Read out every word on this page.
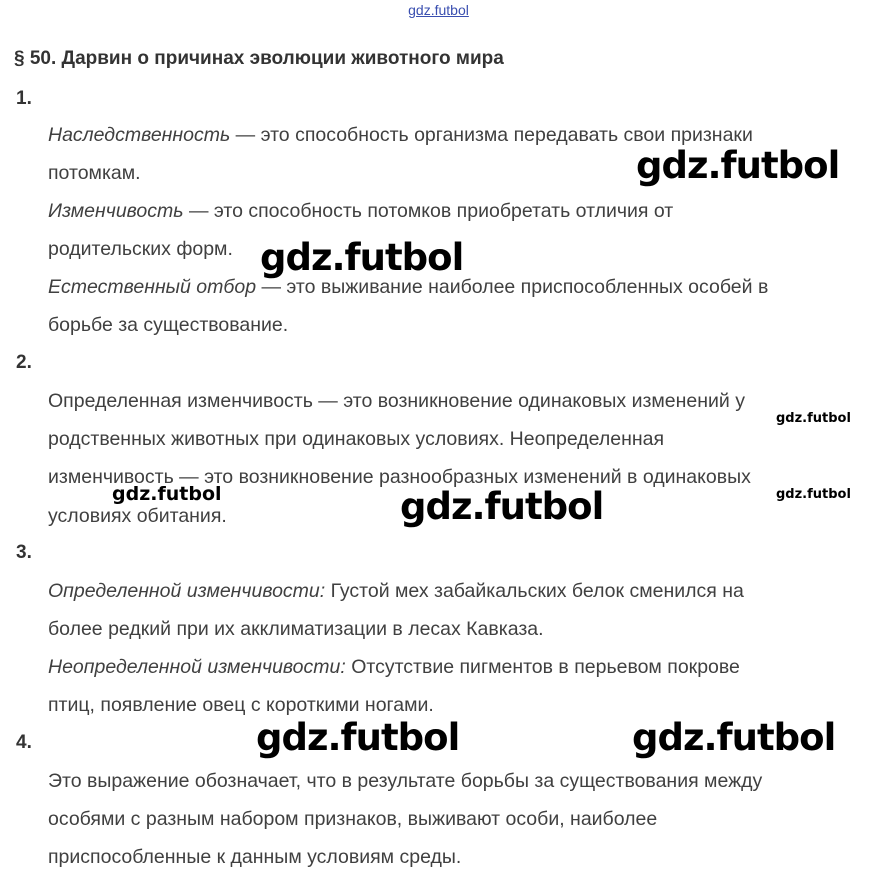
gdz.futbol
§ 50. Дарвин о причинах эволюции животного мира
1.
Наследственность — это способность организма передавать свои признаки
потомкам.
Изменчивость — это способность потомков приобретать отличия от
родительских форм.
Естественный отбор — это выживание наиболее приспособленных особей в
борьбе за существование.
2.
Определенная изменчивость — это возникновение одинаковых изменений у
родственных животных при одинаковых условиях. Неопределенная
изменчивость — это возникновение разнообразных изменений в одинаковых
условиях обитания.
3.
Определенной изменчивости: Густой мех забайкальских белок сменился на
более редкий при их акклиматизации в лесах Кавказа.
Неопределенной изменчивости: Отсутствие пигментов в перьевом покрове
птиц, появление овец с короткими ногами.
4.
Это выражение обозначает, что в результате борьбы за существования между
особями с разным набором признаков, выживают особи, наиболее
приспособленные к данным условиям среды.
gdz.futbol
gdz.futbol
gdz.futbol
gdz.futbol
gdz.futbol	gdz.futbol
gdz.futbol	gdz.futbol
